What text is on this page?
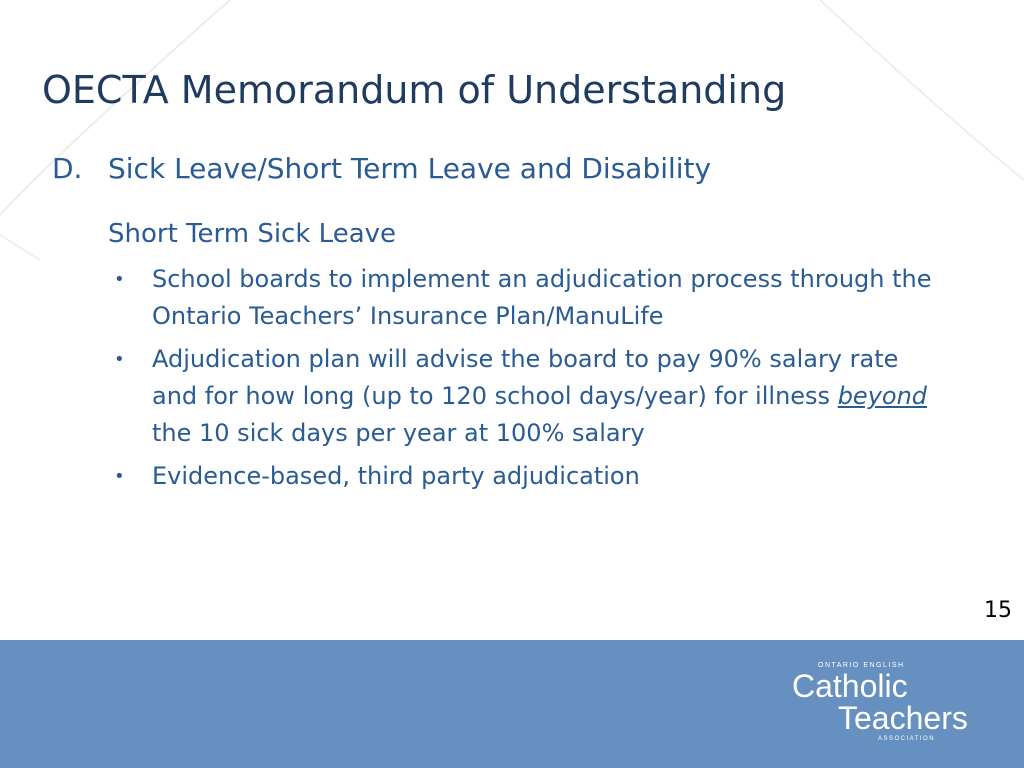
OECTA Memorandum of Understanding
D. Sick Leave/Short Term Leave and Disability
Short Term Sick Leave
• School boards to implement an adjudication process through the Ontario Teachers’ Insurance Plan/ManuLife
• Adjudication plan will advise the board to pay 90% salary rate and for how long (up to 120 school days/year) for illness beyond the 10 sick days per year at 100% salary
• Evidence-based, third party adjudication
15
ONTARIO ENGLISH
Catholic
Teachers
ASSOCIATION
